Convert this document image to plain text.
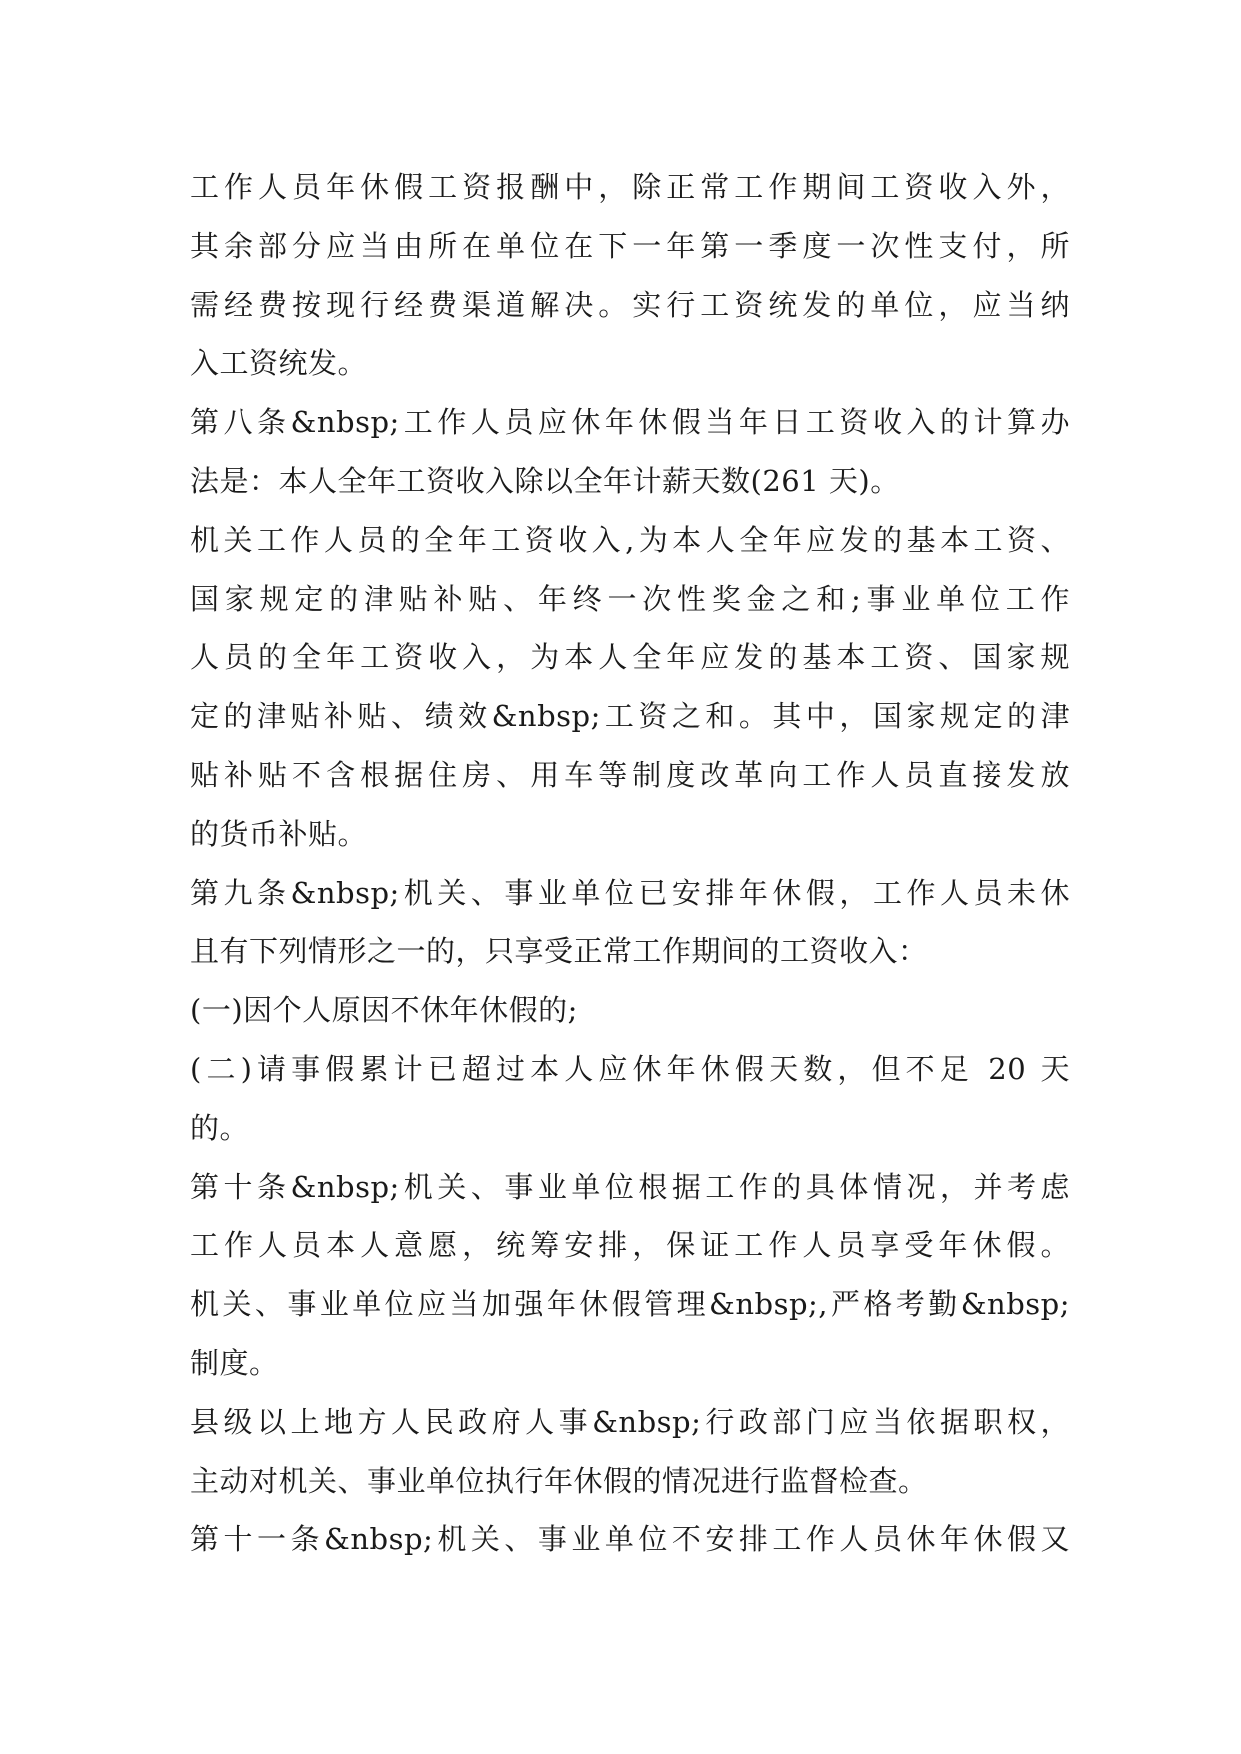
工作人员年休假工资报酬中，除正常工作期间工资收入外，
其余部分应当由所在单位在下一年第一季度一次性支付，所
需经费按现行经费渠道解决。实行工资统发的单位，应当纳
入工资统发。
第八条&nbsp;工作人员应休年休假当年日工资收入的计算办
法是：本人全年工资收入除以全年计薪天数(261 天)。
机关工作人员的全年工资收入,为本人全年应发的基本工资、
国家规定的津贴补贴、年终一次性奖金之和;事业单位工作
人员的全年工资收入，为本人全年应发的基本工资、国家规
定的津贴补贴、绩效&nbsp;工资之和。其中，国家规定的津
贴补贴不含根据住房、用车等制度改革向工作人员直接发放
的货币补贴。
第九条&nbsp;机关、事业单位已安排年休假，工作人员未休
且有下列情形之一的，只享受正常工作期间的工资收入：
(一)因个人原因不休年休假的;
(二)请事假累计已超过本人应休年休假天数，但不足 20 天
的。
第十条&nbsp;机关、事业单位根据工作的具体情况，并考虑
工作人员本人意愿，统筹安排，保证工作人员享受年休假。
机关、事业单位应当加强年休假管理&nbsp;,严格考勤&nbsp;
制度。
县级以上地方人民政府人事&nbsp;行政部门应当依据职权，
主动对机关、事业单位执行年休假的情况进行监督检查。
第十一条&nbsp;机关、事业单位不安排工作人员休年休假又
